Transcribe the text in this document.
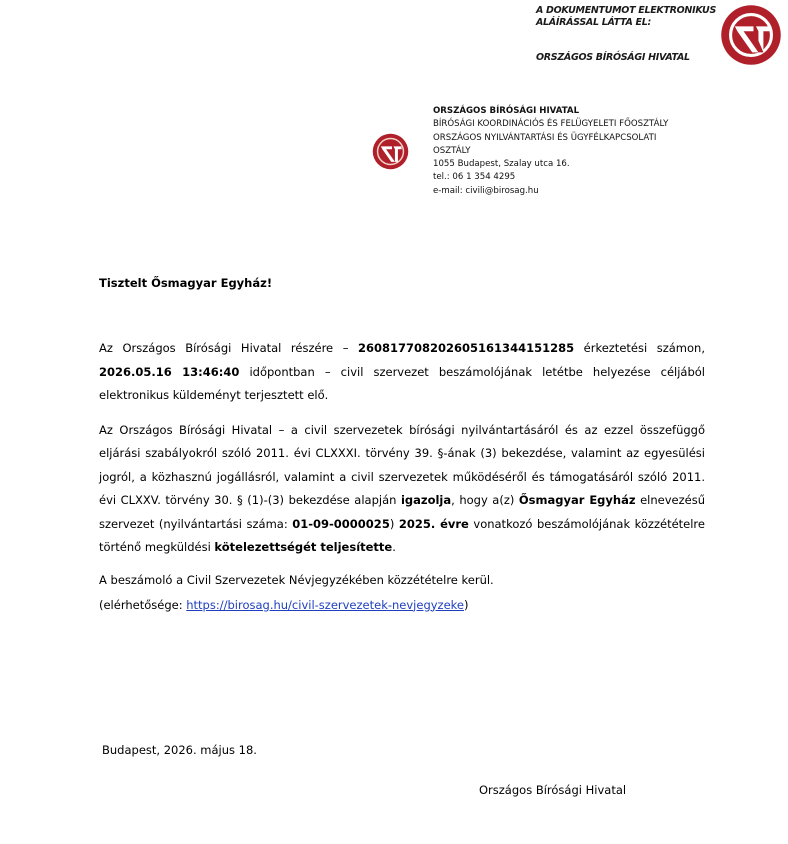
A DOKUMENTUMOT ELEKTRONIKUS
ALÁÍRÁSSAL LÁTTA EL:
ORSZÁGOS BÍRÓSÁGI HIVATAL
ORSZÁGOS BÍRÓSÁGI HIVATAL
BÍRÓSÁGI KOORDINÁCIÓS ÉS FELÜGYELETI FŐOSZTÁLY
ORSZÁGOS NYILVÁNTARTÁSI ÉS ÜGYFÉLKAPCSOLATI
OSZTÁLY
1055 Budapest, Szalay utca 16.
tel.: 06 1 354 4295
e-mail: civili@birosag.hu
Tisztelt Ősmagyar Egyház!

Az Országos Bírósági Hivatal részére – 260817708202605161344151285 érkeztetési számon, 2026.05.16 13:46:40 időpontban – civil szervezet beszámolójának letétbe helyezése céljából elektronikus küldeményt terjesztett elő.

Az Országos Bírósági Hivatal – a civil szervezetek bírósági nyilvántartásáról és az ezzel összefüggő eljárási szabályokról szóló 2011. évi CLXXXI. törvény 39. §-ának (3) bekezdése, valamint az egyesülési jogról, a közhasznú jogállásról, valamint a civil szervezetek működéséről és támogatásáról szóló 2011. évi CLXXV. törvény 30. § (1)-(3) bekezdése alapján igazolja, hogy a(z) Ősmagyar Egyház elnevezésű szervezet (nyilvántartási száma: 01-09-0000025) 2025. évre vonatkozó beszámolójának közzétételre történő megküldési kötelezettségét teljesítette.

A beszámoló a Civil Szervezetek Névjegyzékében közzétételre kerül.

(elérhetősége: https://birosag.hu/civil-szervezetek-nevjegyzeke)

Budapest, 2026. május 18.
Országos Bírósági Hivatal
